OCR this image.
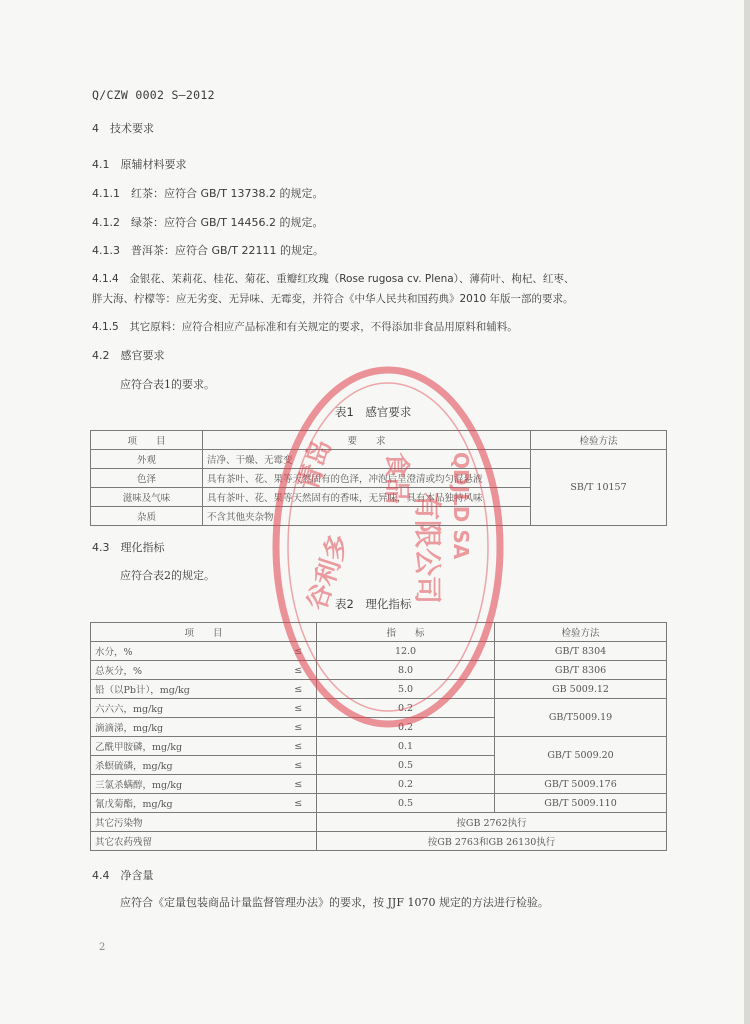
Q/CZW 0002 S—2012
4　技术要求
4.1　原辅材料要求
4.1.1　红茶：应符合 GB/T 13738.2 的规定。
4.1.2　绿茶：应符合 GB/T 14456.2 的规定。
4.1.3　普洱茶：应符合 GB/T 22111 的规定。
4.1.4　金银花、茉莉花、桂花、菊花、重瓣红玫瑰（Rose rugosa cv. Plena）、薄荷叶、枸杞、红枣、
胖大海、柠檬等：应无劣变、无异味、无霉变，并符合《中华人民共和国药典》2010 年版一部的要求。
4.1.5　其它原料：应符合相应产品标准和有关规定的要求，不得添加非食品用原料和辅料。
4.2　感官要求
应符合表1的要求。
表1　感官要求
项　　目	要　　求	检验方法
外观	洁净、干燥、无霉变	SB/T 10157
色泽	具有茶叶、花、果等天然固有的色泽，冲泡后呈澄清或均匀混悬液	
滋味及气味	具有茶叶、花、果等天然固有的香味，无异味，具有本品独特风味	
杂质	不含其他夹杂物	
4.3　理化指标
应符合表2的规定。
表2　理化指标
项　　目		指　　标	检验方法
水分，%	≤	12.0	GB/T 8304
总灰分，%	≤	8.0	GB/T 8306
铅（以Pb计），mg/kg	≤	5.0	GB 5009.12
六六六，mg/kg	≤	0.2	GB/T5009.19
滴滴涕，mg/kg	≤	0.2	
乙酰甲胺磷，mg/kg	≤	0.1	GB/T 5009.20
杀螟硫磷，mg/kg	≤	0.5	
三氯杀螨醇，mg/kg	≤	0.2	GB/T 5009.176
氰戊菊酯，mg/kg	≤	0.5	GB/T 5009.110
其它污染物		按GB 2762执行	
其它农药残留		按GB 2763和GB 26130执行	
4.4　净含量
应符合《定量包装商品计量监督管理办法》的要求，按 JJF 1070 规定的方法进行检验。
2
青岛
谷利多
食品
有限公司 QDJLD SA
